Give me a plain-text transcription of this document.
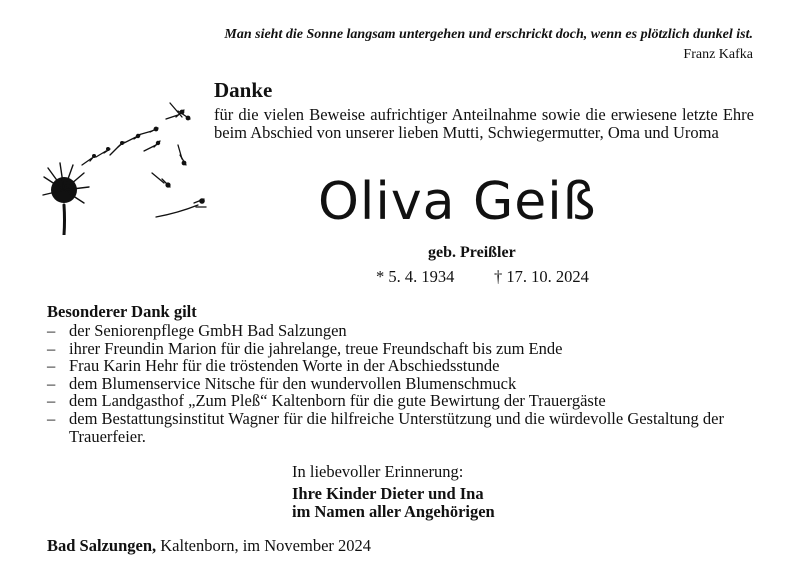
Man sieht die Sonne langsam untergehen und erschrickt doch, wenn es plötzlich dunkel ist.
Franz Kafka
Danke
für die vielen Beweise aufrichtiger Anteilnahme sowie die erwiesene letzte Ehre beim Abschied von unserer lieben Mutti, Schwiegermutter, Oma und Uroma
Oliva Geiß
geb. Preißler
* 5. 4. 1934 † 17. 10. 2024
Besonderer Dank gilt
– der Seniorenpflege GmbH Bad Salzungen
– ihrer Freundin Marion für die jahrelange, treue Freundschaft bis zum Ende
– Frau Karin Hehr für die tröstenden Worte in der Abschiedsstunde
– dem Blumenservice Nitsche für den wundervollen Blumenschmuck
– dem Landgasthof „Zum Pleß“ Kaltenborn für die gute Bewirtung der Trauergäste
– dem Bestattungsinstitut Wagner für die hilfreiche Unterstützung und die würdevolle Gestaltung der Trauerfeier.
In liebevoller Erinnerung:
Ihre Kinder Dieter und Ina
im Namen aller Angehörigen
Bad Salzungen, Kaltenborn, im November 2024
